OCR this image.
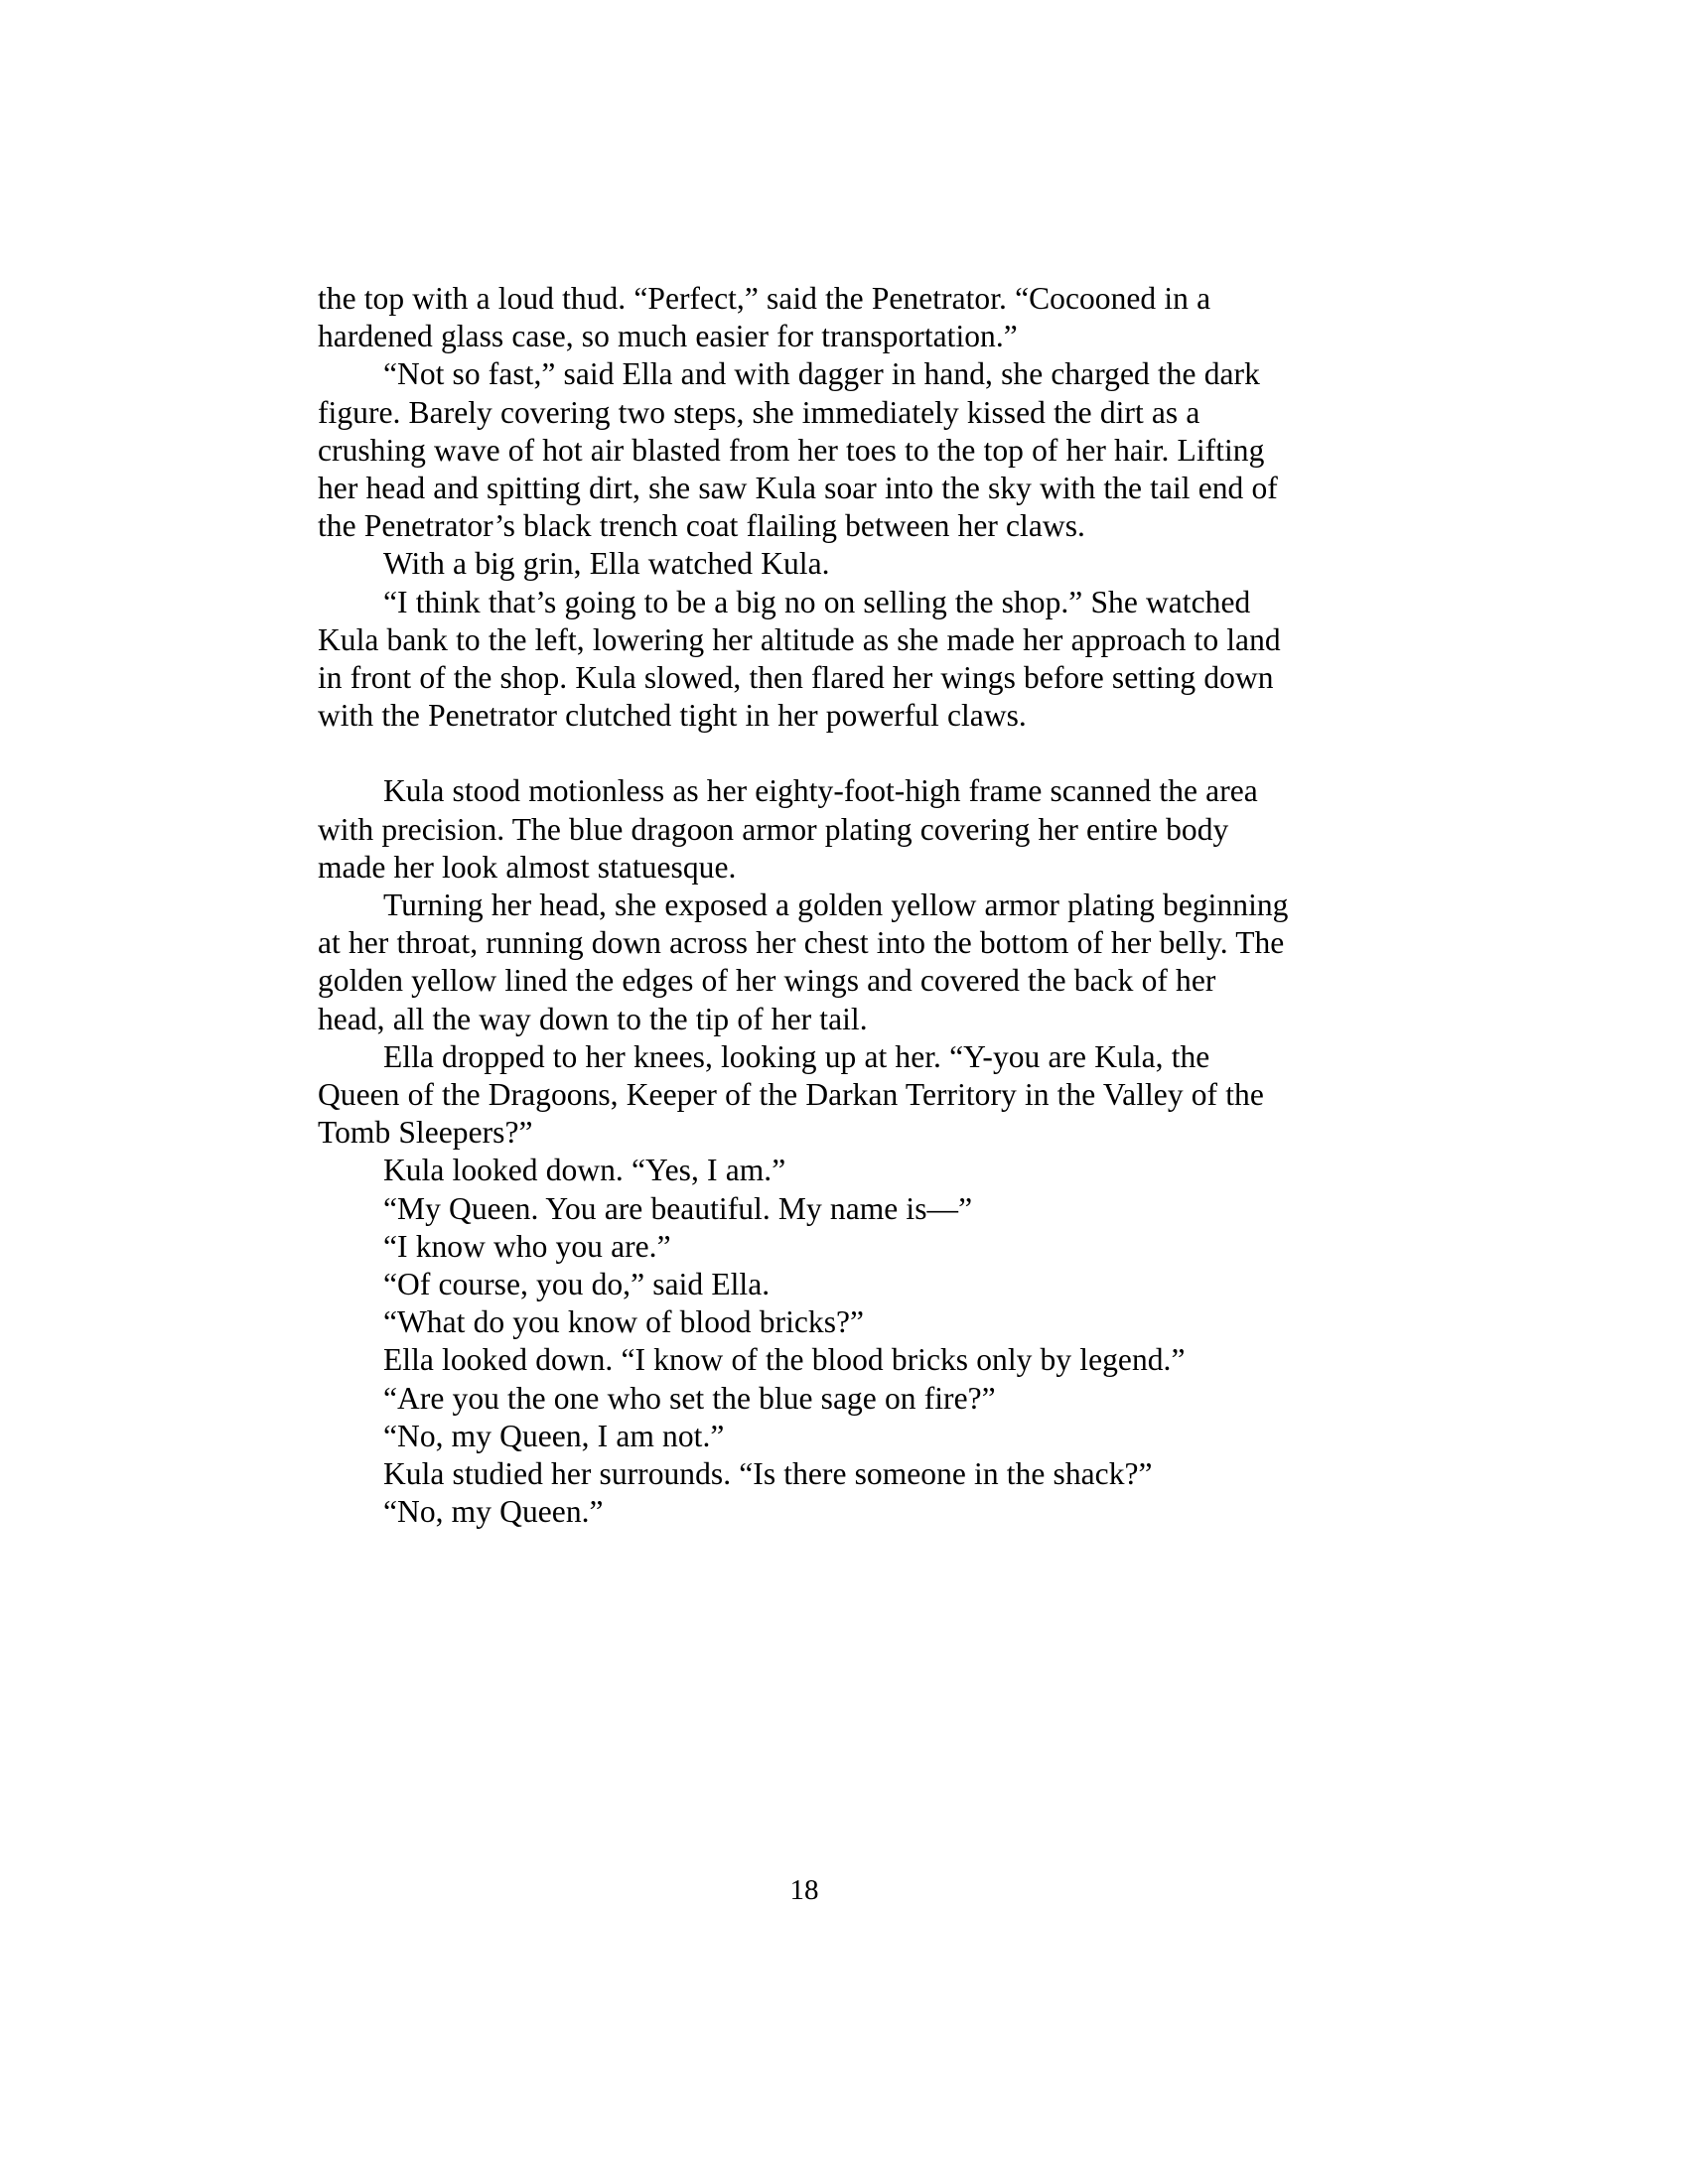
the top with a loud thud. “Perfect,” said the Penetrator. “Cocooned in a hardened glass case, so much easier for transportation.”

“Not so fast,” said Ella and with dagger in hand, she charged the dark figure. Barely covering two steps, she immediately kissed the dirt as a crushing wave of hot air blasted from her toes to the top of her hair. Lifting her head and spitting dirt, she saw Kula soar into the sky with the tail end of the Penetrator’s black trench coat flailing between her claws.

With a big grin, Ella watched Kula.

“I think that’s going to be a big no on selling the shop.” She watched Kula bank to the left, lowering her altitude as she made her approach to land in front of the shop. Kula slowed, then flared her wings before setting down with the Penetrator clutched tight in her powerful claws.

Kula stood motionless as her eighty-foot-high frame scanned the area with precision. The blue dragoon armor plating covering her entire body made her look almost statuesque.

Turning her head, she exposed a golden yellow armor plating beginning at her throat, running down across her chest into the bottom of her belly. The golden yellow lined the edges of her wings and covered the back of her head, all the way down to the tip of her tail.

Ella dropped to her knees, looking up at her. “Y-you are Kula, the Queen of the Dragoons, Keeper of the Darkan Territory in the Valley of the Tomb Sleepers?”

Kula looked down. “Yes, I am.”

“My Queen. You are beautiful. My name is—”

“I know who you are.”

“Of course, you do,” said Ella.

“What do you know of blood bricks?”

Ella looked down. “I know of the blood bricks only by legend.”

“Are you the one who set the blue sage on fire?”

“No, my Queen, I am not.”

Kula studied her surrounds. “Is there someone in the shack?”

“No, my Queen.”

18
